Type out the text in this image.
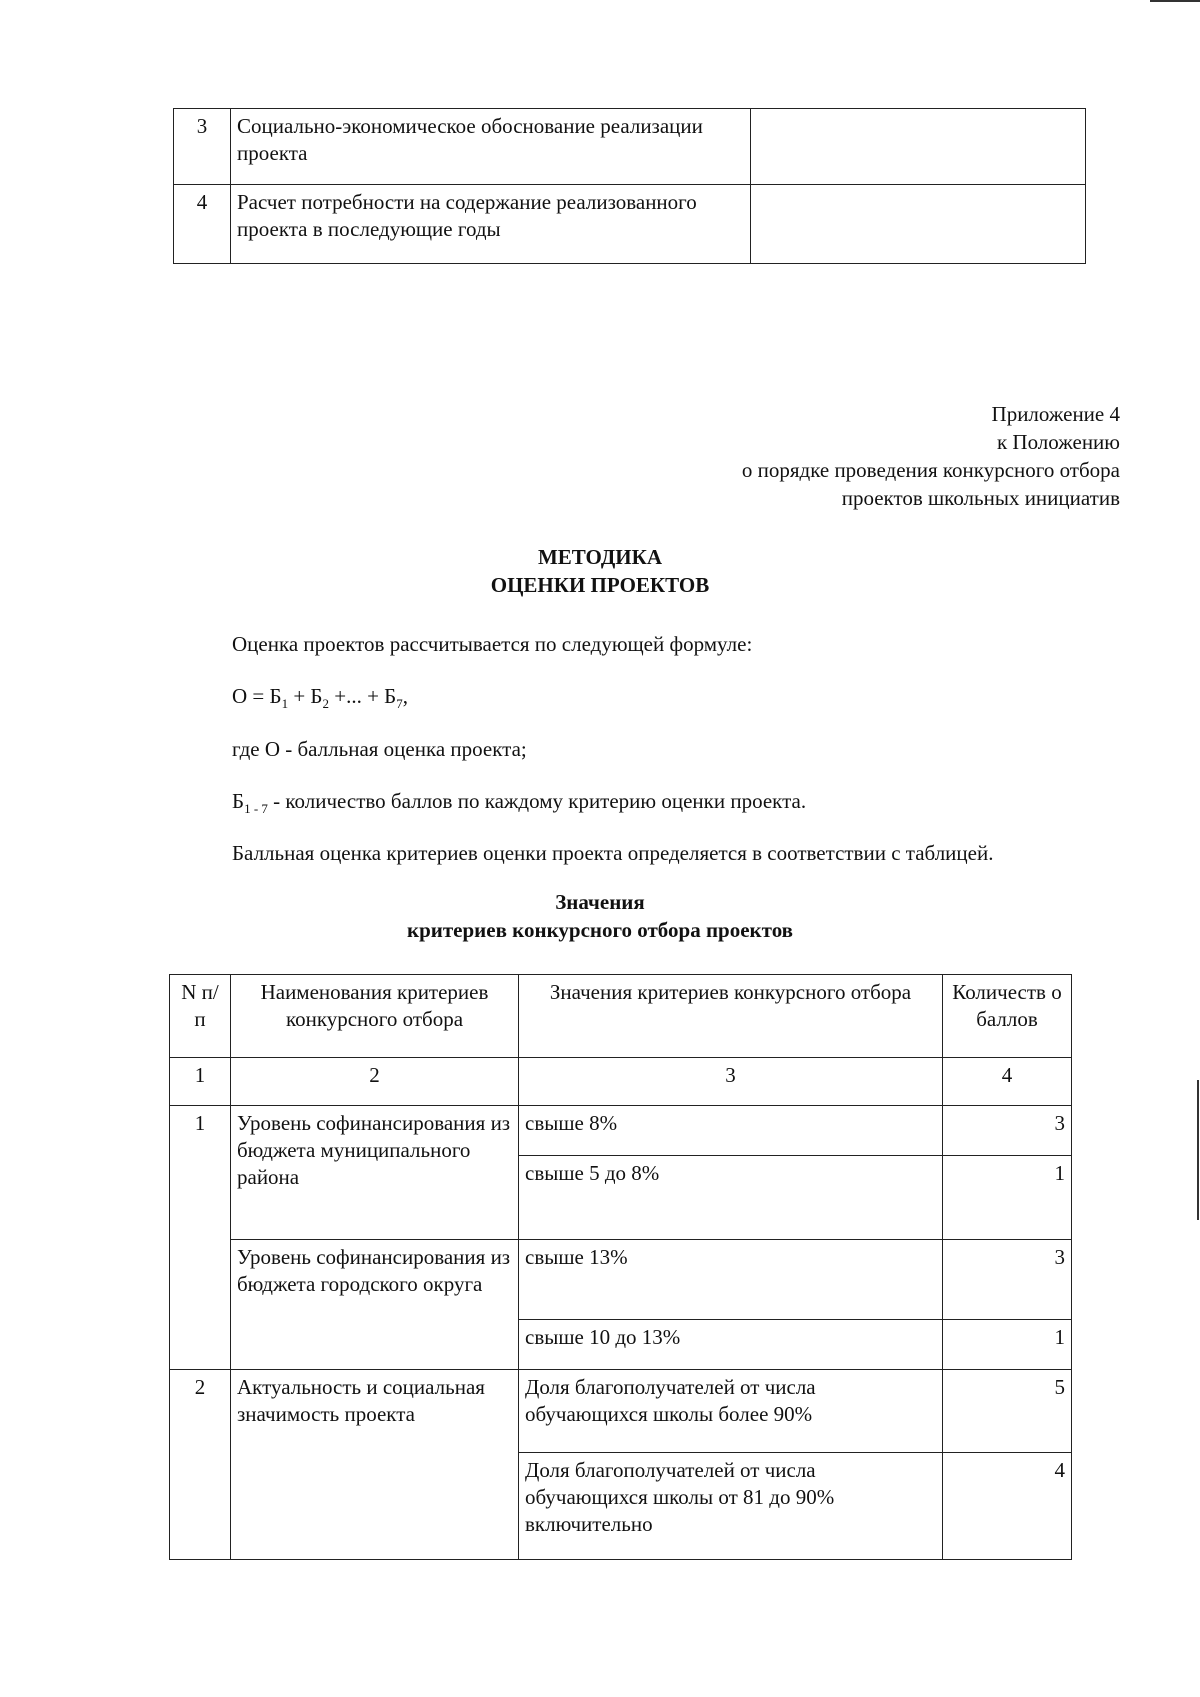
3	Социально-экономическое обоснование реализации проекта	
4	Расчет потребности на содержание реализованного проекта в последующие годы	
Приложение 4
к Положению
о порядке проведения конкурсного отбора
проектов школьных инициатив
МЕТОДИКА
ОЦЕНКИ ПРОЕКТОВ
Оценка проектов рассчитывается по следующей формуле:
$О = Б_1 + Б_2$ +... + $Б_7$,
где О - балльная оценка проекта;
$Б_{1 - 7}$ - количество баллов по каждому критерию оценки проекта.
Балльная оценка критериев оценки проекта определяется в соответствии с таблицей.
Значения
критериев конкурсного отбора проектов
N п/п	Наименования критериев конкурсного отбора	Значения критериев конкурсного отбора	Количеств о баллов
1	2	3	4
1	Уровень софинансирования из бюджета муниципального района	свыше 8%	3
		свыше 5 до 8%	1
	Уровень софинансирования из бюджета городского округа	свыше 13%	3
		свыше 10 до 13%	1
2	Актуальность и социальная значимость проекта	Доля благополучателей от числа обучающихся школы более 90%	5
		Доля благополучателей от числа обучающихся школы от 81 до 90% включительно	4
